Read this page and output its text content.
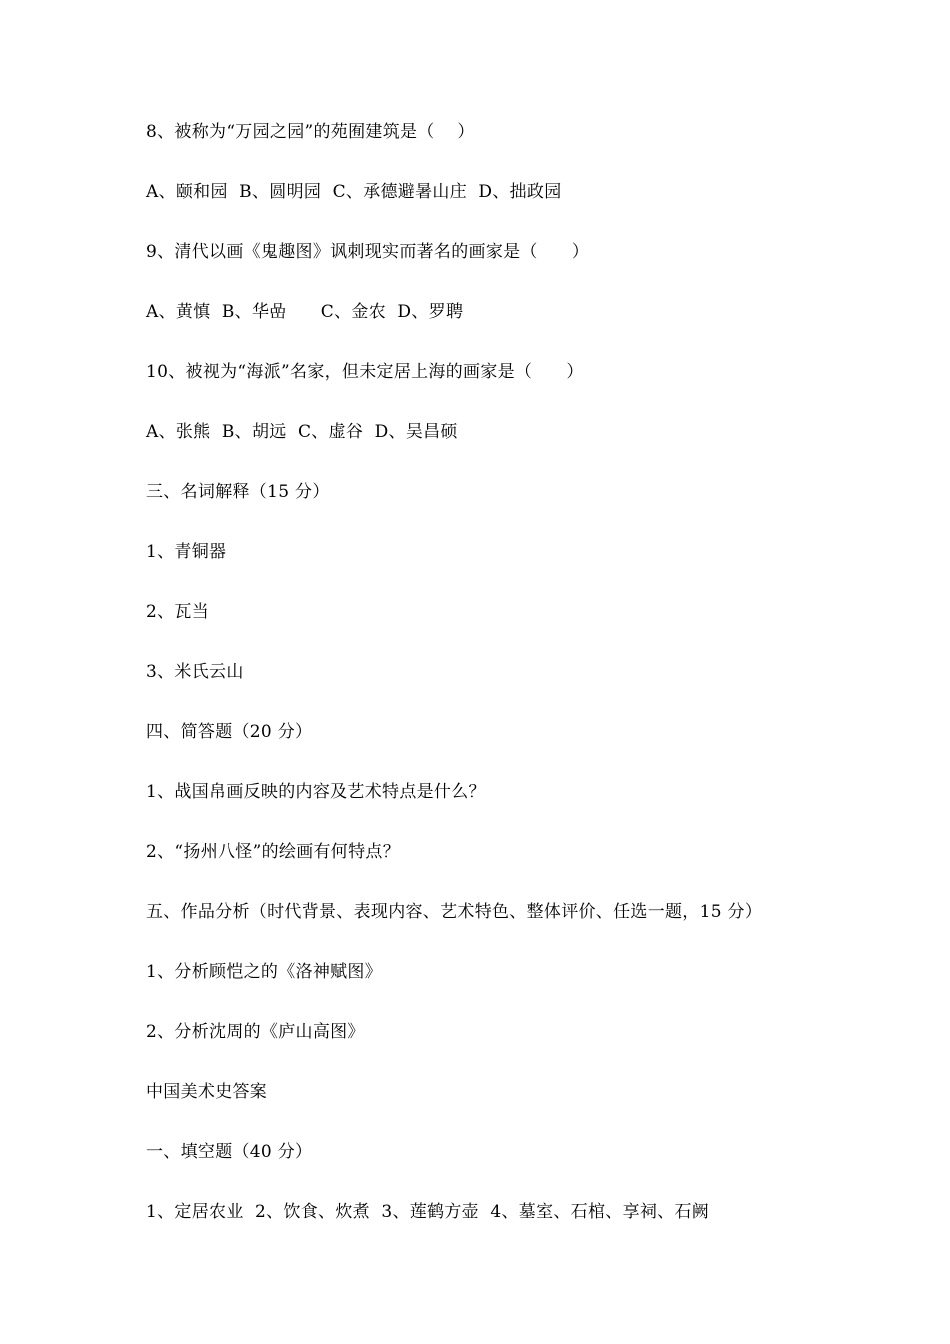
8、被称为“万园之园”的苑囿建筑是（    ）
A、颐和园  B、圆明园  C、承德避暑山庄  D、拙政园
9、清代以画《鬼趣图》讽刺现实而著名的画家是（      ）
A、黄慎  B、华嵒      C、金农  D、罗聘
10、被视为“海派”名家，但未定居上海的画家是（      ）
A、张熊  B、胡远  C、虚谷  D、吴昌硕
三、名词解释（15 分）
1、青铜器
2、瓦当
3、米氏云山
四、简答题（20 分）
1、战国帛画反映的内容及艺术特点是什么？
2、“扬州八怪”的绘画有何特点？
五、作品分析（时代背景、表现内容、艺术特色、整体评价、任选一题，15 分）
1、分析顾恺之的《洛神赋图》
2、分析沈周的《庐山高图》
中国美术史答案
一、填空题（40 分）
1、定居农业  2、饮食、炊煮  3、莲鹤方壶  4、墓室、石棺、享祠、石阙
